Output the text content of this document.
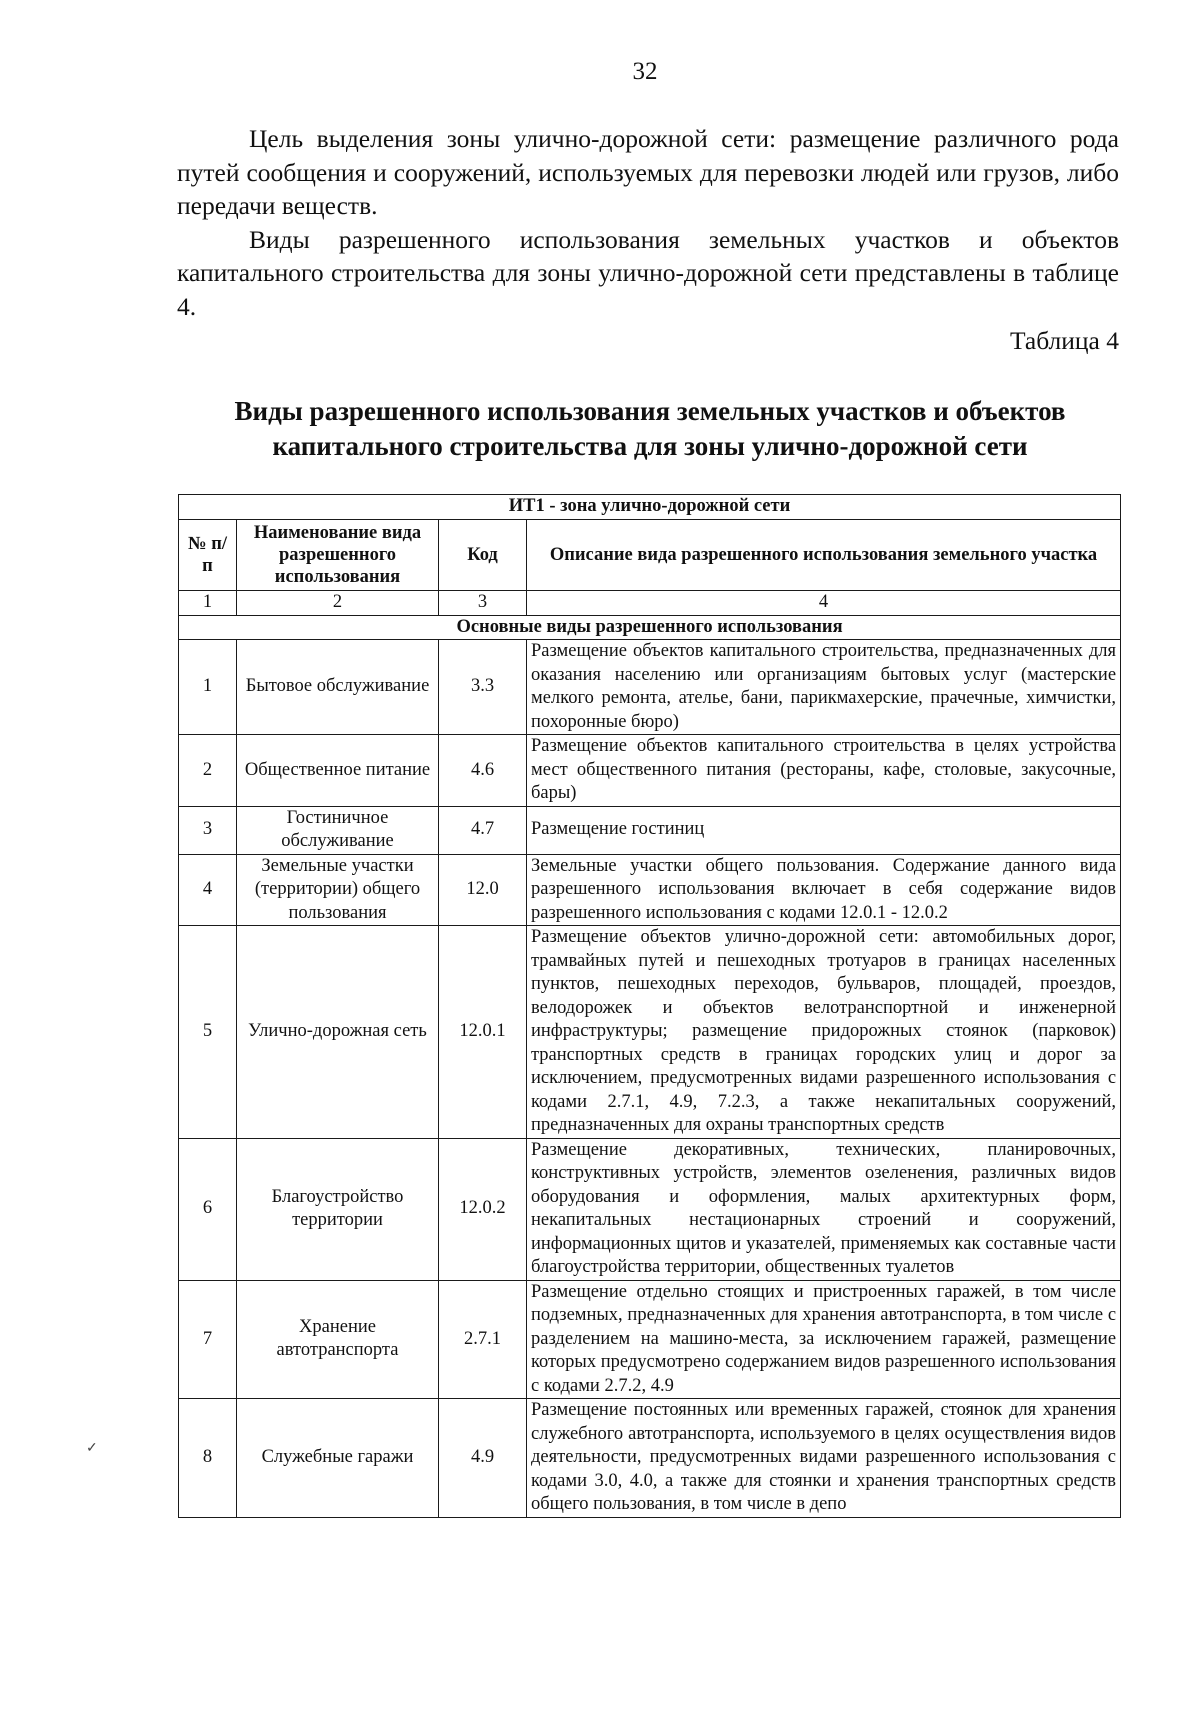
32

Цель выделения зоны улично-дорожной сети: размещение различного рода путей сообщения и сооружений, используемых для перевозки людей или грузов, либо передачи веществ.

Виды разрешенного использования земельных участков и объектов капитального строительства для зоны улично-дорожной сети представлены в таблице 4.

Таблица 4
Виды разрешенного использования земельных участков и объектов
капитального строительства для зоны улично-дорожной сети
ИТ1 - зона улично-дорожной сети			
№ п/п	Наименование вида разрешенного использования	Код	Описание вида разрешенного использования земельного участка
1	2	3	4
Основные виды разрешенного использования			
1	Бытовое обслуживание	3.3	Размещение объектов капитального строительства, предназначенных для оказания населению или организациям бытовых услуг (мастерские мелкого ремонта, ателье, бани, парикмахерские, прачечные, химчистки, похоронные бюро)
2	Общественное питание	4.6	Размещение объектов капитального строительства в целях устройства мест общественного питания (рестораны, кафе, столовые, закусочные, бары)
3	Гостиничное обслуживание	4.7	Размещение гостиниц
4	Земельные участки (территории) общего пользования	12.0	Земельные участки общего пользования. Содержание данного вида разрешенного использования включает в себя содержание видов разрешенного использования с кодами 12.0.1 - 12.0.2
5	Улично-дорожная сеть	12.0.1	Размещение объектов улично-дорожной сети: автомобильных дорог, трамвайных путей и пешеходных тротуаров в границах населенных пунктов, пешеходных переходов, бульваров, площадей, проездов, велодорожек и объектов велотранспортной и инженерной инфраструктуры; размещение придорожных стоянок (парковок) транспортных средств в границах городских улиц и дорог за исключением, предусмотренных видами разрешенного использования с кодами 2.7.1, 4.9, 7.2.3, а также некапитальных сооружений, предназначенных для охраны транспортных средств
6	Благоустройство территории	12.0.2	Размещение декоративных, технических, планировочных, конструктивных устройств, элементов озеленения, различных видов оборудования и оформления, малых архитектурных форм, некапитальных нестационарных строений и сооружений, информационных щитов и указателей, применяемых как составные части благоустройства территории, общественных туалетов
7	Хранение автотранспорта	2.7.1	Размещение отдельно стоящих и пристроенных гаражей, в том числе подземных, предназначенных для хранения автотранспорта, в том числе с разделением на машино-места, за исключением гаражей, размещение которых предусмотрено содержанием видов разрешенного использования с кодами 2.7.2, 4.9
8	Служебные гаражи	4.9	Размещение постоянных или временных гаражей, стоянок для хранения служебного автотранспорта, используемого в целях осуществления видов деятельности, предусмотренных видами разрешенного использования с кодами 3.0, 4.0, а также для стоянки и хранения транспортных средств общего пользования, в том числе в депо
✓
